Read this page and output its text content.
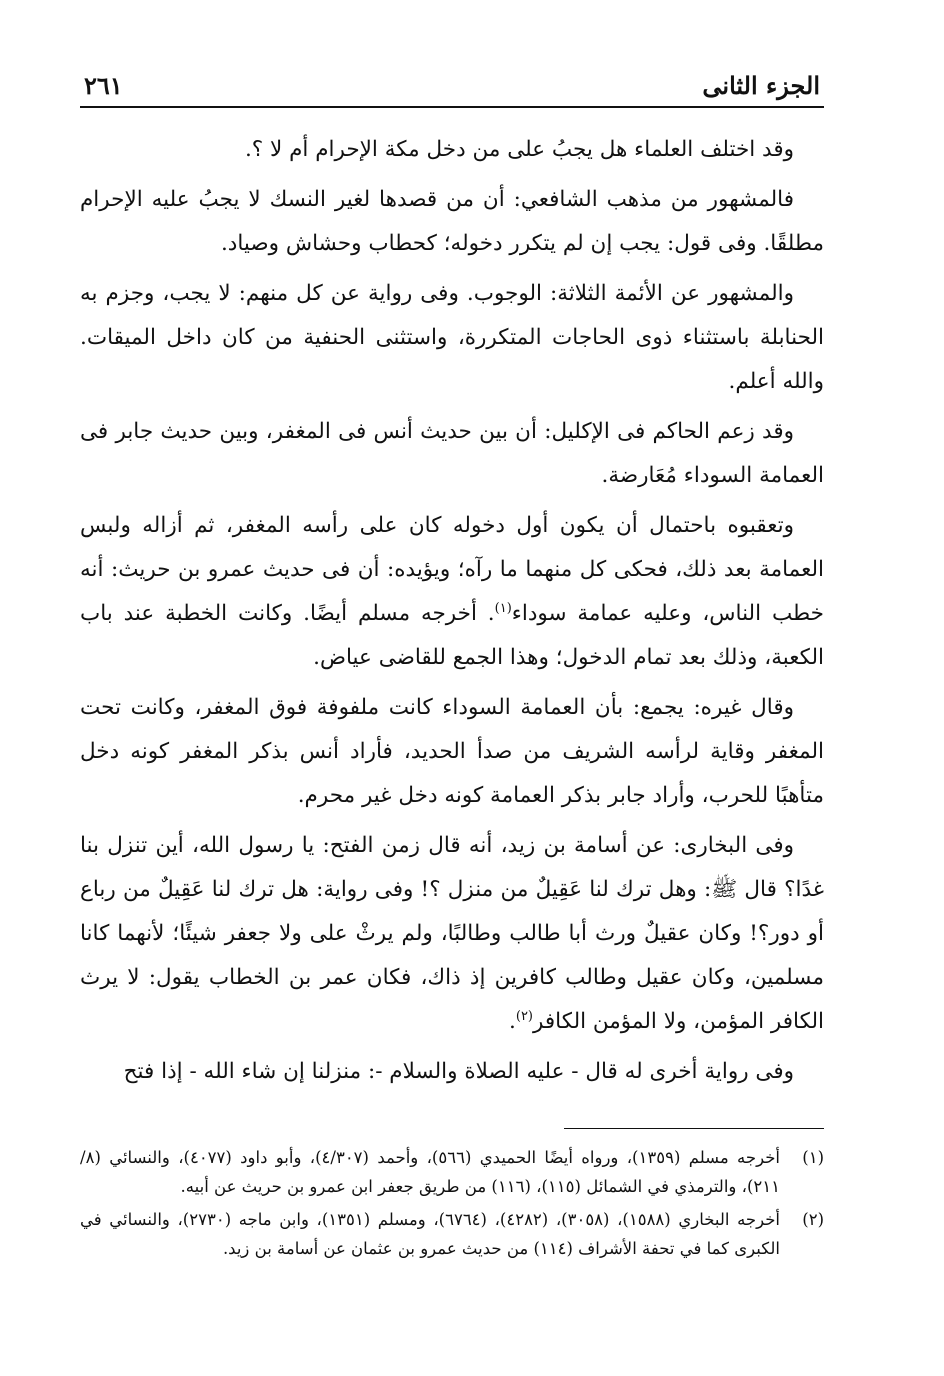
الجزء الثانى
٢٦١

وقد اختلف العلماء هل يجبُ على من دخل مكة الإحرام أم لا ؟.

فالمشهور من مذهب الشافعي: أن من قصدها لغير النسك لا يجبُ عليه الإحرام مطلقًا. وفى قول: يجب إن لم يتكرر دخوله؛ كحطاب وحشاش وصياد.

والمشهور عن الأئمة الثلاثة: الوجوب. وفى رواية عن كل منهم: لا يجب، وجزم به الحنابلة باستثناء ذوى الحاجات المتكررة، واستثنى الحنفية من كان داخل الميقات. والله أعلم.

وقد زعم الحاكم فى الإكليل: أن بين حديث أنس فى المغفر، وبين حديث جابر فى العمامة السوداء مُعَارضة.

وتعقبوه باحتمال أن يكون أول دخوله كان على رأسه المغفر، ثم أزاله ولبس العمامة بعد ذلك، فحكى كل منهما ما رآه؛ ويؤيده: أن فى حديث عمرو بن حريث: أنه خطب الناس، وعليه عمامة سوداء$^{(١)}$. أخرجه مسلم أيضًا. وكانت الخطبة عند باب الكعبة، وذلك بعد تمام الدخول؛ وهذا الجمع للقاضى عياض.

وقال غيره: يجمع: بأن العمامة السوداء كانت ملفوفة فوق المغفر، وكانت تحت المغفر وقاية لرأسه الشريف من صدأ الحديد، فأراد أنس بذكر المغفر كونه دخل متأهبًا للحرب، وأراد جابر بذكر العمامة كونه دخل غير محرم.

وفى البخارى: عن أسامة بن زيد، أنه قال زمن الفتح: يا رسول الله، أين تنزل بنا غدًا؟ قال ﷺ: وهل ترك لنا عَقِيلٌ من منزل ؟! وفى رواية: هل ترك لنا عَقِيلٌ من رباع أو دور؟! وكان عقيلٌ ورث أبا طالب وطالبًا، ولم يرثْ على ولا جعفر شيئًا؛ لأنهما كانا مسلمين، وكان عقيل وطالب كافرين إذ ذاك، فكان عمر بن الخطاب يقول: لا يرث الكافر المؤمن، ولا المؤمن الكافر$^{(٢)}$.

وفى رواية أخرى له قال - عليه الصلاة والسلام -: منزلنا إن شاء الله - إذا فتح

(١)
أخرجه مسلم (١٣٥٩)، ورواه أيضًا الحميدي (٥٦٦)، وأحمد (٤/٣٠٧)، وأبو داود (٤٠٧٧)، والنسائي (٨/ ٢١١)، والترمذي في الشمائل (١١٥)، (١١٦) من طريق جعفر ابن عمرو بن حريث عن أبيه.
(٢)
أخرجه البخاري (١٥٨٨)، (٣٠٥٨)، (٤٢٨٢)، (٦٧٦٤)، ومسلم (١٣٥١)، وابن ماجه (٢٧٣٠)، والنسائي في الكبرى كما في تحفة الأشراف (١١٤) من حديث عمرو بن عثمان عن أسامة بن زيد.
